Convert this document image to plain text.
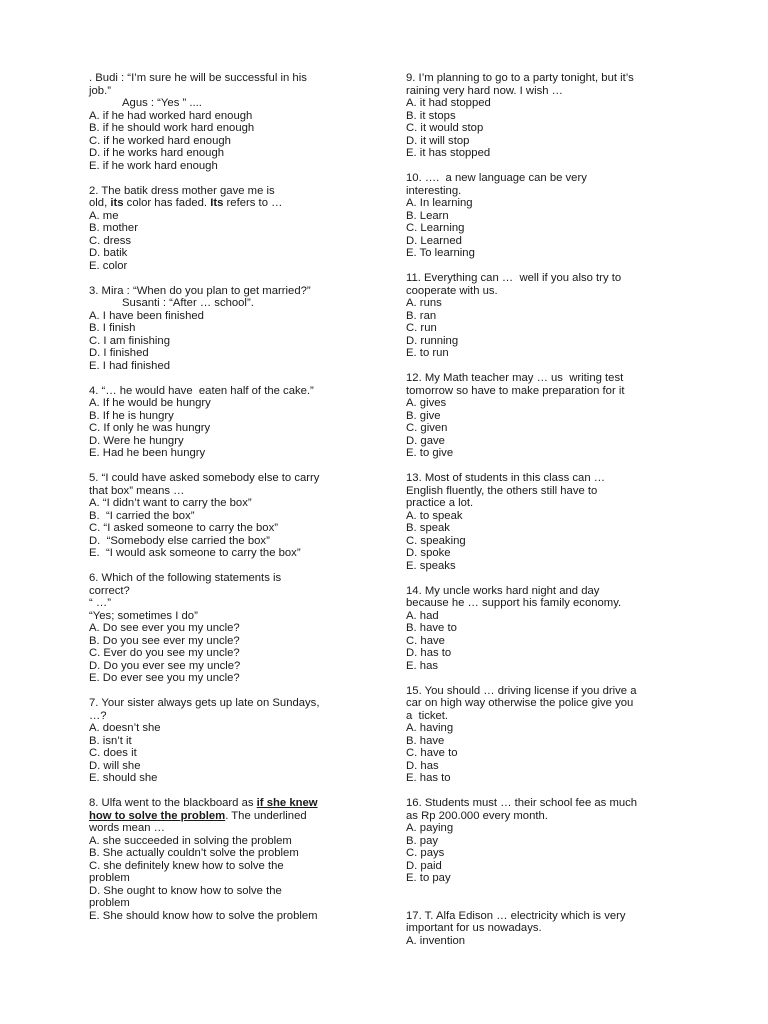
. Budi : “I’m sure he will be successful in his
job.”
Agus : “Yes ” ....
A. if he had worked hard enough
B. if he should work hard enough
C. if he worked hard enough
D. if he works hard enough
E. if he work hard enough
2. The batik dress mother gave me is
old, its color has faded. Its refers to …
A. me
B. mother
C. dress
D. batik
E. color
3. Mira : “When do you plan to get married?”
Susanti : “After … school”.
A. I have been finished
B. I finish
C. I am finishing
D. I finished
E. I had finished
4. “… he would have  eaten half of the cake.”
A. If he would be hungry
B. If he is hungry
C. If only he was hungry
D. Were he hungry
E. Had he been hungry
5. “I could have asked somebody else to carry
that box” means …
A. “I didn’t want to carry the box”
B.  “I carried the box”
C. “I asked someone to carry the box”
D.  “Somebody else carried the box”
E.  “I would ask someone to carry the box”
6. Which of the following statements is
correct?
“ …”
“Yes; sometimes I do”
A. Do see ever you my uncle?
B. Do you see ever my uncle?
C. Ever do you see my uncle?
D. Do you ever see my uncle?
E. Do ever see you my uncle?
7. Your sister always gets up late on Sundays,
…?
A. doesn’t she
B. isn’t it
C. does it
D. will she
E. should she
8. Ulfa went to the blackboard as if she knew
how to solve the problem. The underlined
words mean …
A. she succeeded in solving the problem
B. She actually couldn’t solve the problem
C. she definitely knew how to solve the
problem
D. She ought to know how to solve the
problem
E. She should know how to solve the problem
9. I’m planning to go to a party tonight, but it’s
raining very hard now. I wish …
A. it had stopped
B. it stops
C. it would stop
D. it will stop
E. it has stopped
10. ….  a new language can be very
interesting.
A. In learning
B. Learn
C. Learning
D. Learned
E. To learning
11. Everything can …  well if you also try to
cooperate with us.
A. runs
B. ran
C. run
D. running
E. to run
12. My Math teacher may … us  writing test
tomorrow so have to make preparation for it
A. gives
B. give
C. given
D. gave
E. to give
13. Most of students in this class can …
English fluently, the others still have to
practice a lot.
A. to speak
B. speak
C. speaking
D. spoke
E. speaks
14. My uncle works hard night and day
because he … support his family economy.
A. had
B. have to
C. have
D. has to
E. has
15. You should … driving license if you drive a
car on high way otherwise the police give you
a  ticket.
A. having
B. have
C. have to
D. has
E. has to
16. Students must … their school fee as much
as Rp 200.000 every month.
A. paying
B. pay
C. pays
D. paid
E. to pay
17. T. Alfa Edison … electricity which is very
important for us nowadays.
A. invention
